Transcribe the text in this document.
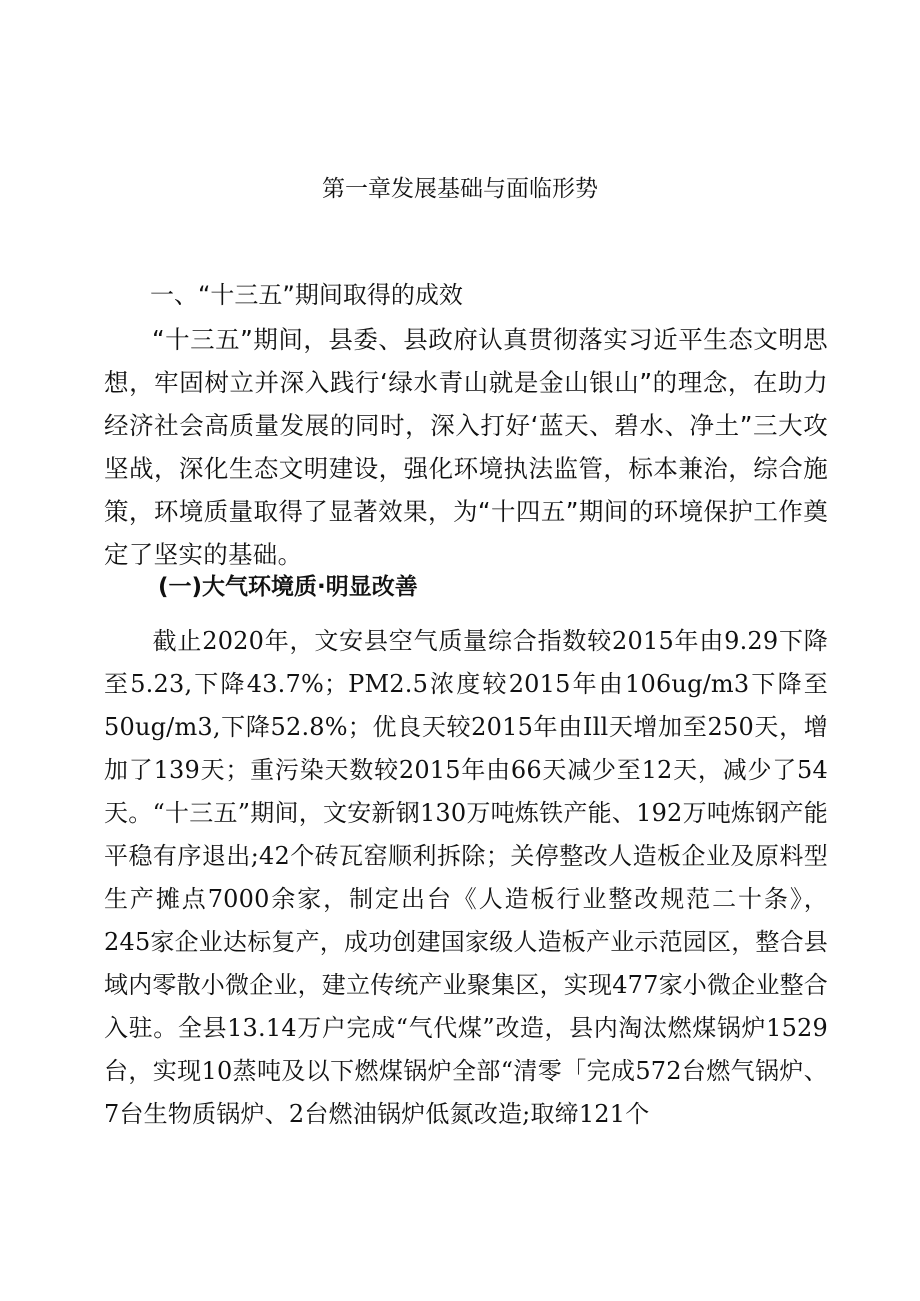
第一章发展基础与面临形势
一、“十三五”期间取得的成效

“十三五”期间，县委、县政府认真贯彻落实习近平生态文明思想，牢固树立并深入践行‘绿水青山就是金山银山”的理念，在助力经济社会高质量发展的同时，深入打好‘蓝天、碧水、净土”三大攻坚战，深化生态文明建设，强化环境执法监管，标本兼治，综合施策，环境质量取得了显著效果，为“十四五”期间的环境保护工作奠定了坚实的基础。

(一)大气环境质·明显改善

截止2020年，文安县空气质量综合指数较2015年由9.29下降至5.23,下降43.7%；PM2.5浓度较2015年由106ug/m3下降至50ug/m3,下降52.8%；优良天较2015年由Ill天增加至250天，增加了139天；重污染天数较2015年由66天减少至12天，减少了54天。“十三五”期间，文安新钢130万吨炼铁产能、192万吨炼钢产能平稳有序退出;42个砖瓦窑顺利拆除；关停整改人造板企业及原料型生产摊点7000余家，制定出台《人造板行业整改规范二十条》，245家企业达标复产，成功创建国家级人造板产业示范园区，整合县域内零散小微企业，建立传统产业聚集区，实现477家小微企业整合入驻。全县13.14万户完成“气代煤”改造，县内淘汰燃煤锅炉1529台，实现10蒸吨及以下燃煤锅炉全部“清零「完成572台燃气锅炉、7台生物质锅炉、2台燃油锅炉低氮改造;取缔121个
